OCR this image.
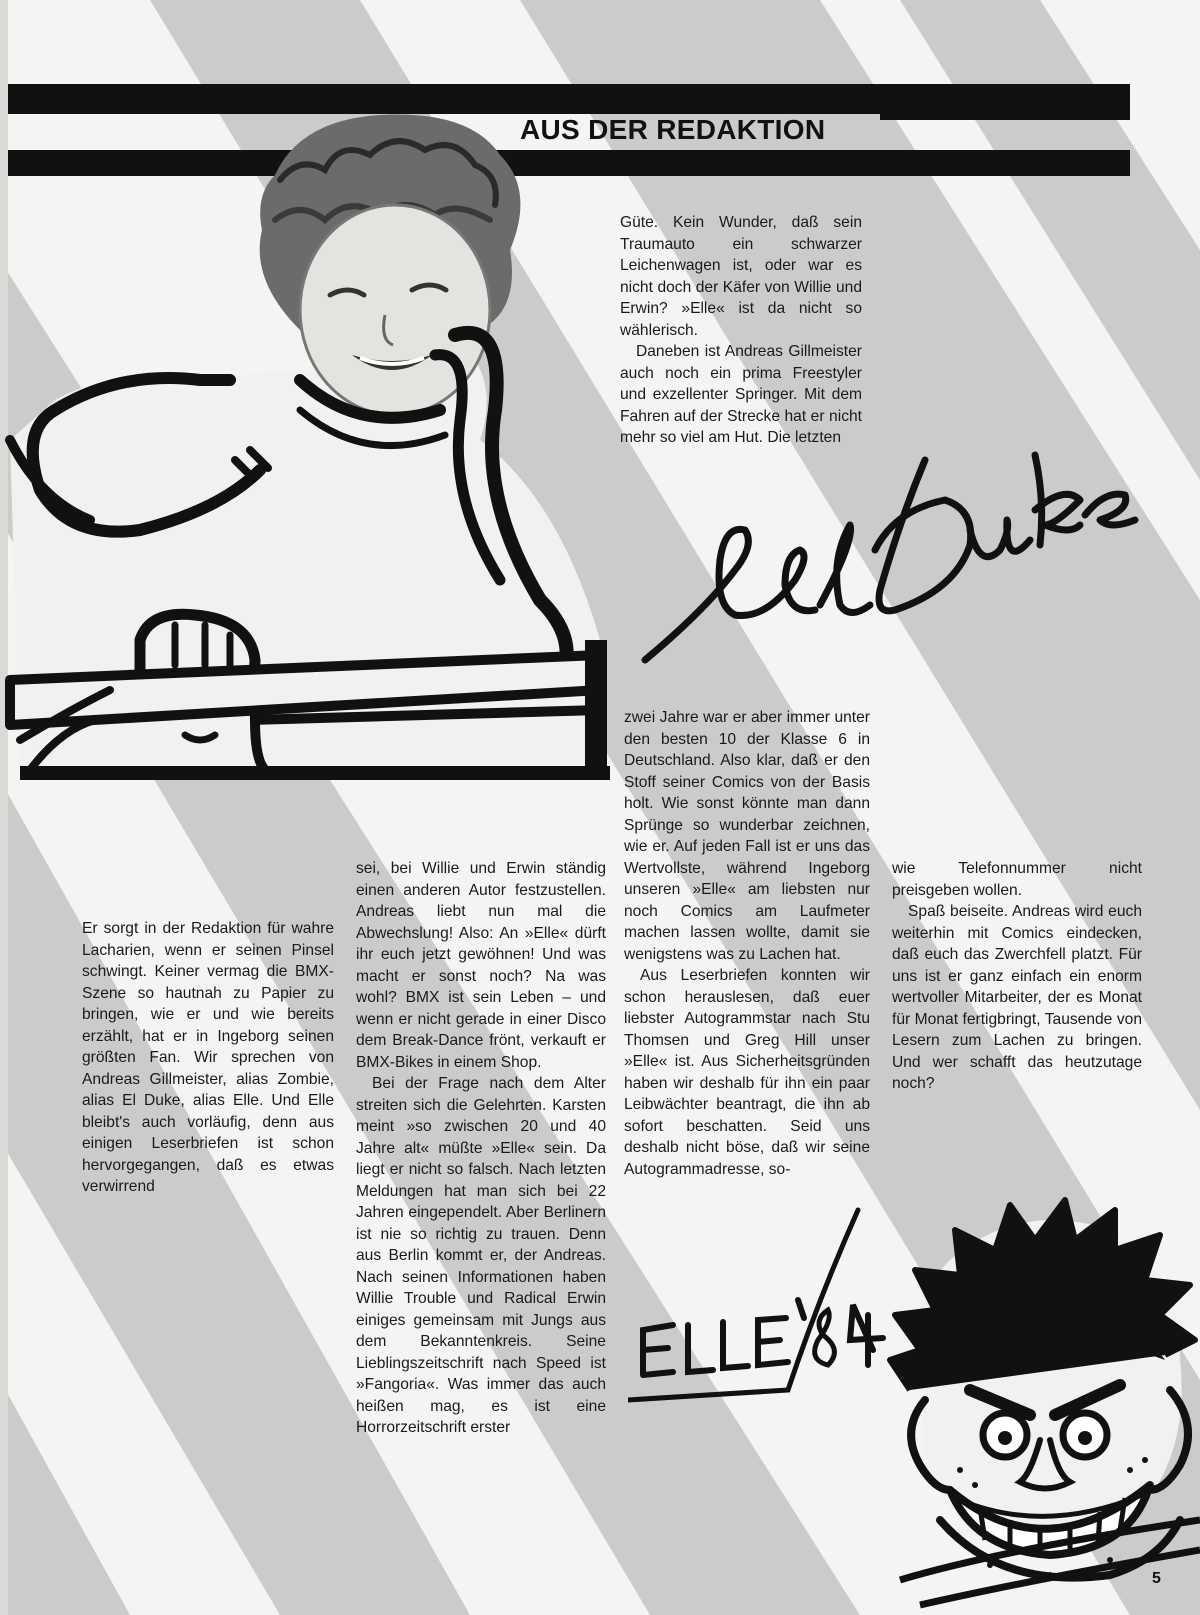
AUS DER REDAKTION

Er sorgt in der Redaktion für wahre Lacharien, wenn er seinen Pinsel schwingt. Keiner vermag die BMX-Szene so hautnah zu Papier zu bringen, wie er und wie bereits erzählt, hat er in Ingeborg seinen größten Fan. Wir sprechen von Andreas Gillmeister, alias Zombie, alias El Duke, alias Elle. Und Elle bleibt's auch vorläufig, denn aus einigen Leserbriefen ist schon hervorgegangen, daß es etwas verwirrend

sei, bei Willie und Erwin ständig einen anderen Autor festzustellen. Andreas liebt nun mal die Abwechslung! Also: An »Elle« dürft ihr euch jetzt gewöhnen! Und was macht er sonst noch? Na was wohl? BMX ist sein Leben – und wenn er nicht gerade in einer Disco dem Break-Dance frönt, verkauft er BMX-Bikes in einem Shop.

Bei der Frage nach dem Alter streiten sich die Gelehrten. Karsten meint »so zwischen 20 und 40 Jahre alt« müßte »Elle« sein. Da liegt er nicht so falsch. Nach letzten Meldungen hat man sich bei 22 Jahren eingependelt. Aber Berlinern ist nie so richtig zu trauen. Denn aus Berlin kommt er, der Andreas. Nach seinen Informationen haben Willie Trouble und Radical Erwin einiges gemeinsam mit Jungs aus dem Bekanntenkreis. Seine Lieblingszeitschrift nach Speed ist »Fangoria«. Was immer das auch heißen mag, es ist eine Horrorzeitschrift erster

Güte. Kein Wunder, daß sein Traumauto ein schwarzer Leichenwagen ist, oder war es nicht doch der Käfer von Willie und Erwin? »Elle« ist da nicht so wählerisch.

Daneben ist Andreas Gillmeister auch noch ein prima Freestyler und exzellenter Springer. Mit dem Fahren auf der Strecke hat er nicht mehr so viel am Hut. Die letzten

zwei Jahre war er aber immer unter den besten 10 der Klasse 6 in Deutschland. Also klar, daß er den Stoff seiner Comics von der Basis holt. Wie sonst könnte man dann Sprünge so wunderbar zeichnen, wie er. Auf jeden Fall ist er uns das Wertvollste, während Ingeborg unseren »Elle« am liebsten nur noch Comics am Laufmeter machen lassen wollte, damit sie wenigstens was zu Lachen hat.

Aus Leserbriefen konnten wir schon herauslesen, daß euer liebster Autogrammstar nach Stu Thomsen und Greg Hill unser »Elle« ist. Aus Sicherheitsgründen haben wir deshalb für ihn ein paar Leibwächter beantragt, die ihn ab sofort beschatten. Seid uns deshalb nicht böse, daß wir seine Autogrammadresse, so-

wie Telefonnummer nicht preisgeben wollen.

Spaß beiseite. Andreas wird euch weiterhin mit Comics eindecken, daß euch das Zwerchfell platzt. Für uns ist er ganz einfach ein enorm wertvoller Mitarbeiter, der es Monat für Monat fertigbringt, Tausende von Lesern zum Lachen zu bringen. Und wer schafft das heutzutage noch?

5
